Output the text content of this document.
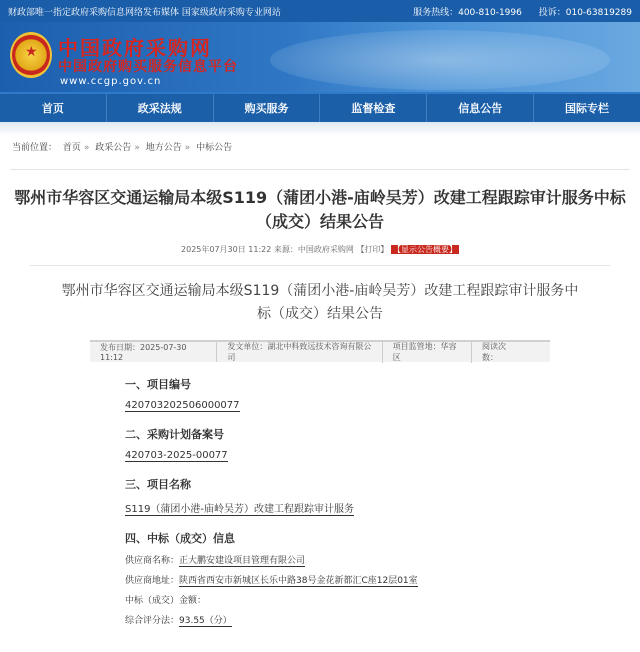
财政部唯一指定政府采购信息网络发布媒体 国家级政府采购专业网站	服务热线：400-810-1996 投诉：010-63819289
★
中国政府采购网
中国政府购买服务信息平台
www.ccgp.gov.cn
首页	政采法规	购买服务	监督检查	信息公告	国际专栏
当前位置： 首页 » 政采公告 » 地方公告 » 中标公告
鄂州市华容区交通运输局本级S119（蒲团小港-庙岭吴芳）改建工程跟踪审计服务中标（成交）结果公告
2025年07月30日 11:22 来源：中国政府采购网 【打印】 【显示公告概要】
鄂州市华容区交通运输局本级S119（蒲团小港-庙岭吴芳）改建工程跟踪审计服务中标（成交）结果公告
发布日期：2025-07-30 11:12
发文单位：湖北中科致远技术咨询有限公司
项目监管地：华容区
阅读次数：
一、项目编号
420703202506000077
二、采购计划备案号
420703-2025-00077
三、项目名称
S119（蒲团小港-庙岭吴芳）改建工程跟踪审计服务
四、中标（成交）信息
供应商名称：正大鹏安建设项目管理有限公司
供应商地址：陕西省西安市新城区长乐中路38号金花新都汇C座12层01室
中标（成交）金额：
综合评分法：93.55（分）
